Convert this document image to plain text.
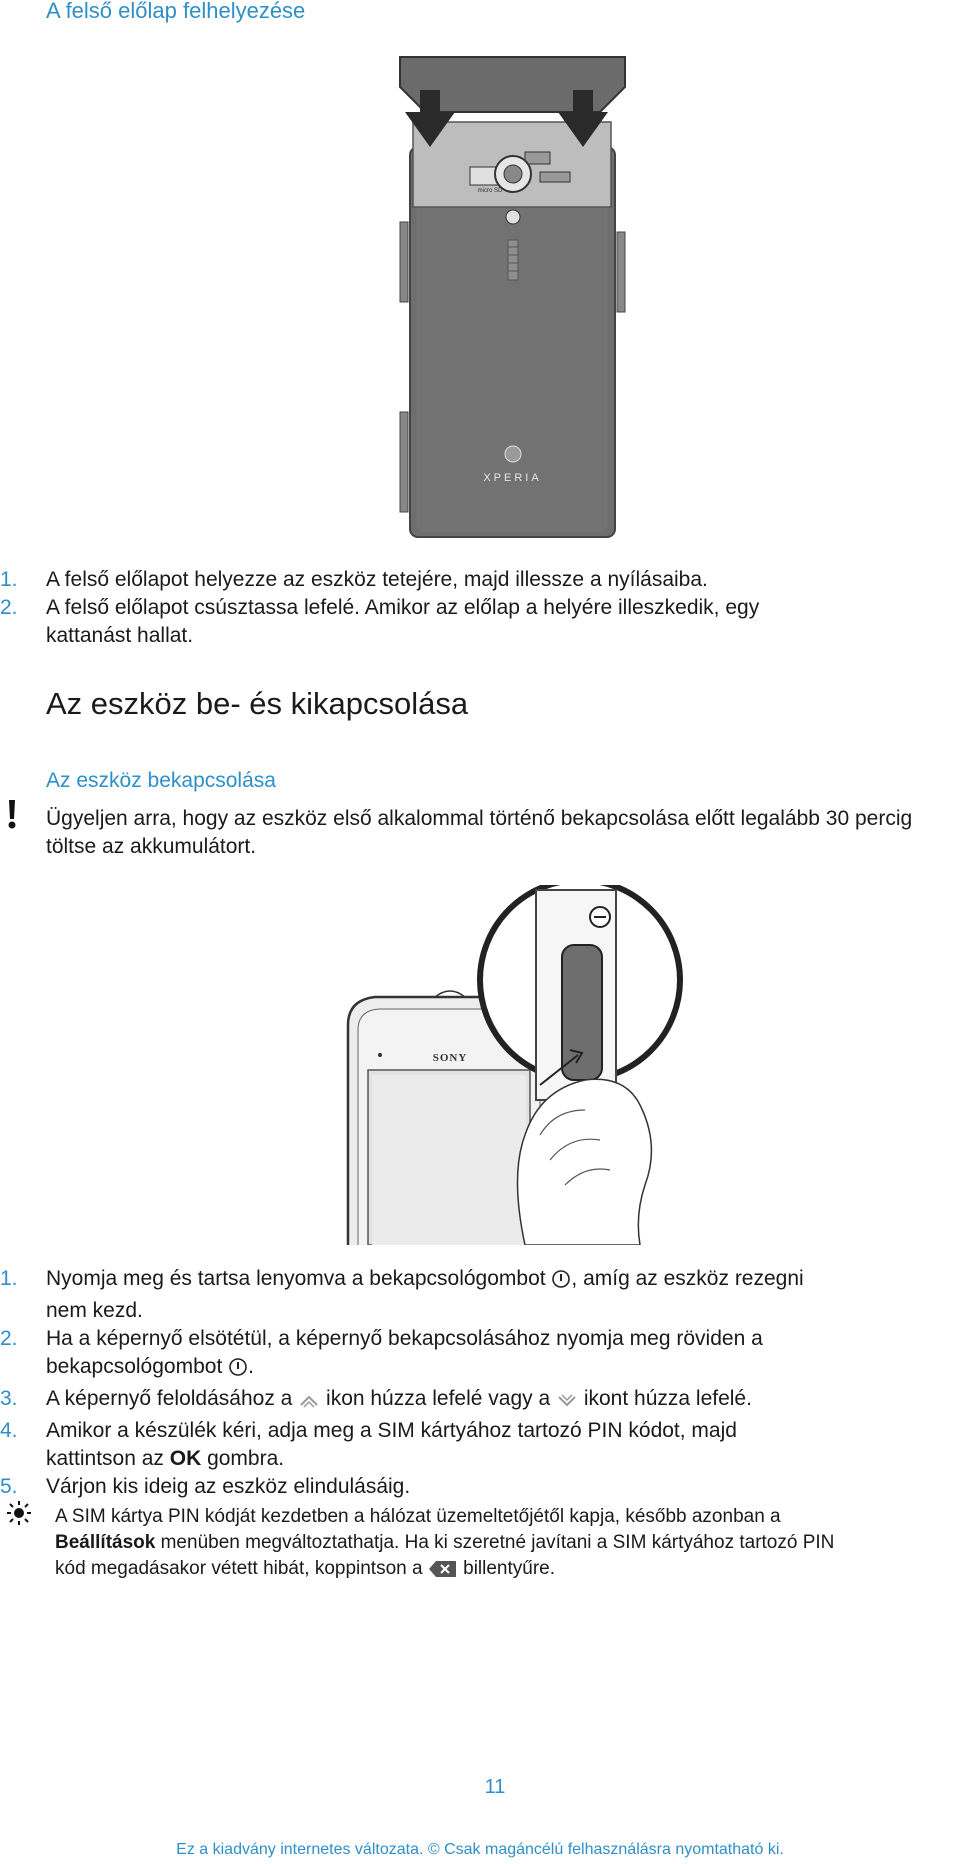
A felső előlap felhelyezése
XPERIA
micro SD
1. A felső előlapot helyezze az eszköz tetejére, majd illessze a nyílásaiba.
2. A felső előlapot csúsztassa lefelé. Amikor az előlap a helyére illeszkedik, egy
kattanást hallat.
Az eszköz be- és kikapcsolása
Az eszköz bekapcsolása
Ügyeljen arra, hogy az eszköz első alkalommal történő bekapcsolása előtt legalább 30 percig
töltse az akkumulátort.
SONY
1. Nyomja meg és tartsa lenyomva a bekapcsológombot , amíg az eszköz rezegni
nem kezd.
2. Ha a képernyő elsötétül, a képernyő bekapcsolásához nyomja meg röviden a
bekapcsológombot .
3. A képernyő feloldásához a  ikon húzza lefelé vagy a  ikont húzza lefelé.
4. Amikor a készülék kéri, adja meg a SIM kártyához tartozó PIN kódot, majd
kattintson az OK gombra.
5. Várjon kis ideig az eszköz elindulásáig.
A SIM kártya PIN kódját kezdetben a hálózat üzemeltetőjétől kapja, később azonban a
Beállítások menüben megváltoztathatja. Ha ki szeretné javítani a SIM kártyához tartozó PIN
kód megadásakor vétett hibát, koppintson a  billentyűre.
11
Ez a kiadvány internetes változata. © Csak magáncélú felhasználásra nyomtatható ki.
